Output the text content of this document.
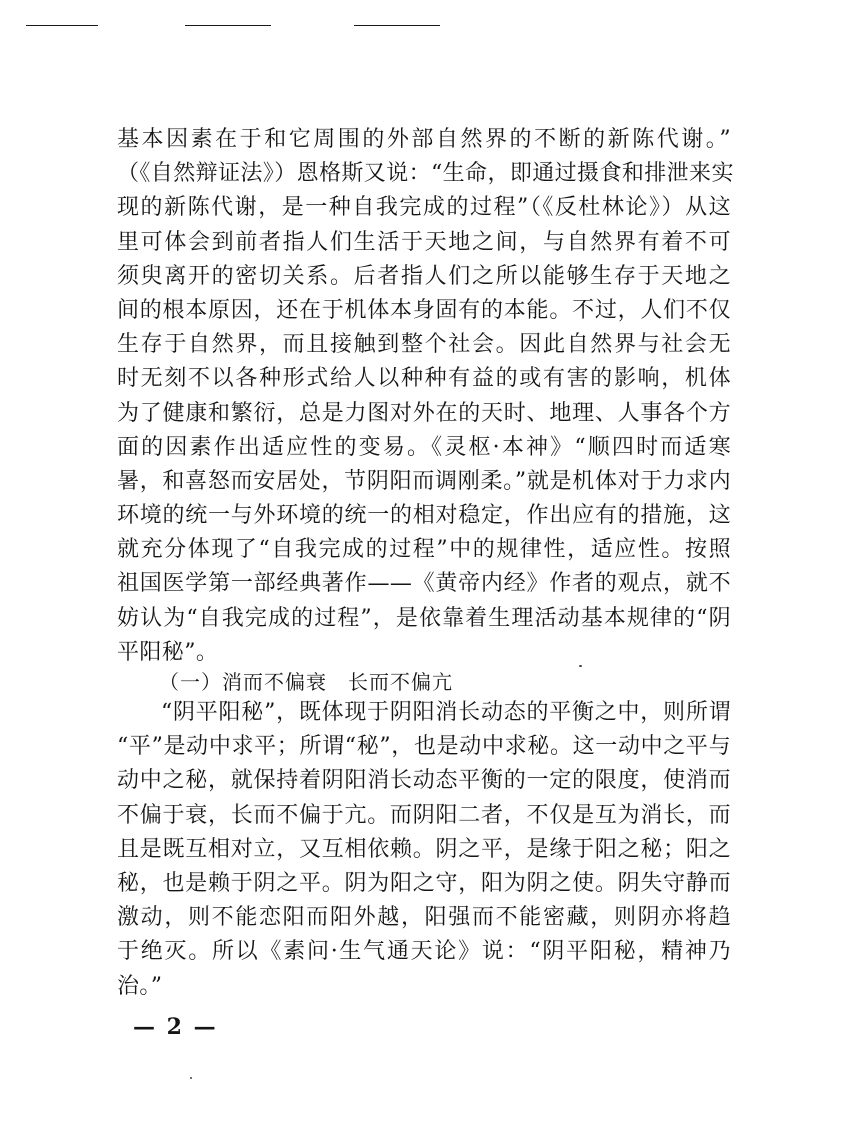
基本因素在于和它周围的外部自然界的不断的新陈代谢。”
（《自然辩证法》）恩格斯又说：“生命，即通过摄食和排泄来实
现的新陈代谢，是一种自我完成的过程”（《反杜林论》）从这
里可体会到前者指人们生活于天地之间，与自然界有着不可
须臾离开的密切关系。后者指人们之所以能够生存于天地之
间的根本原因，还在于机体本身固有的本能。不过，人们不仅
生存于自然界，而且接触到整个社会。因此自然界与社会无
时无刻不以各种形式给人以种种有益的或有害的影响，机体
为了健康和繁衍，总是力图对外在的天时、地理、人事各个方
面的因素作出适应性的变易。《灵枢·本神》“顺四时而适寒
暑，和喜怒而安居处，节阴阳而调刚柔。”就是机体对于力求内
环境的统一与外环境的统一的相对稳定，作出应有的措施，这
就充分体现了“自我完成的过程”中的规律性，适应性。按照
祖国医学第一部经典著作——《黄帝内经》作者的观点，就不
妨认为“自我完成的过程”，是依靠着生理活动基本规律的“阴
平阳秘”。
（一）消而不偏衰　长而不偏亢
“阴平阳秘”，既体现于阴阳消长动态的平衡之中，则所谓
“平”是动中求平；所谓“秘”，也是动中求秘。这一动中之平与
动中之秘，就保持着阴阳消长动态平衡的一定的限度，使消而
不偏于衰，长而不偏于亢。而阴阳二者，不仅是互为消长，而
且是既互相对立，又互相依赖。阴之平，是缘于阳之秘；阳之
秘，也是赖于阴之平。阴为阳之守，阳为阴之使。阴失守静而
激动，则不能恋阳而阳外越，阳强而不能密藏，则阴亦将趋
于绝灭。所以《素问·生气通天论》说：“阴平阳秘，精神乃
治。”
— 2 —
